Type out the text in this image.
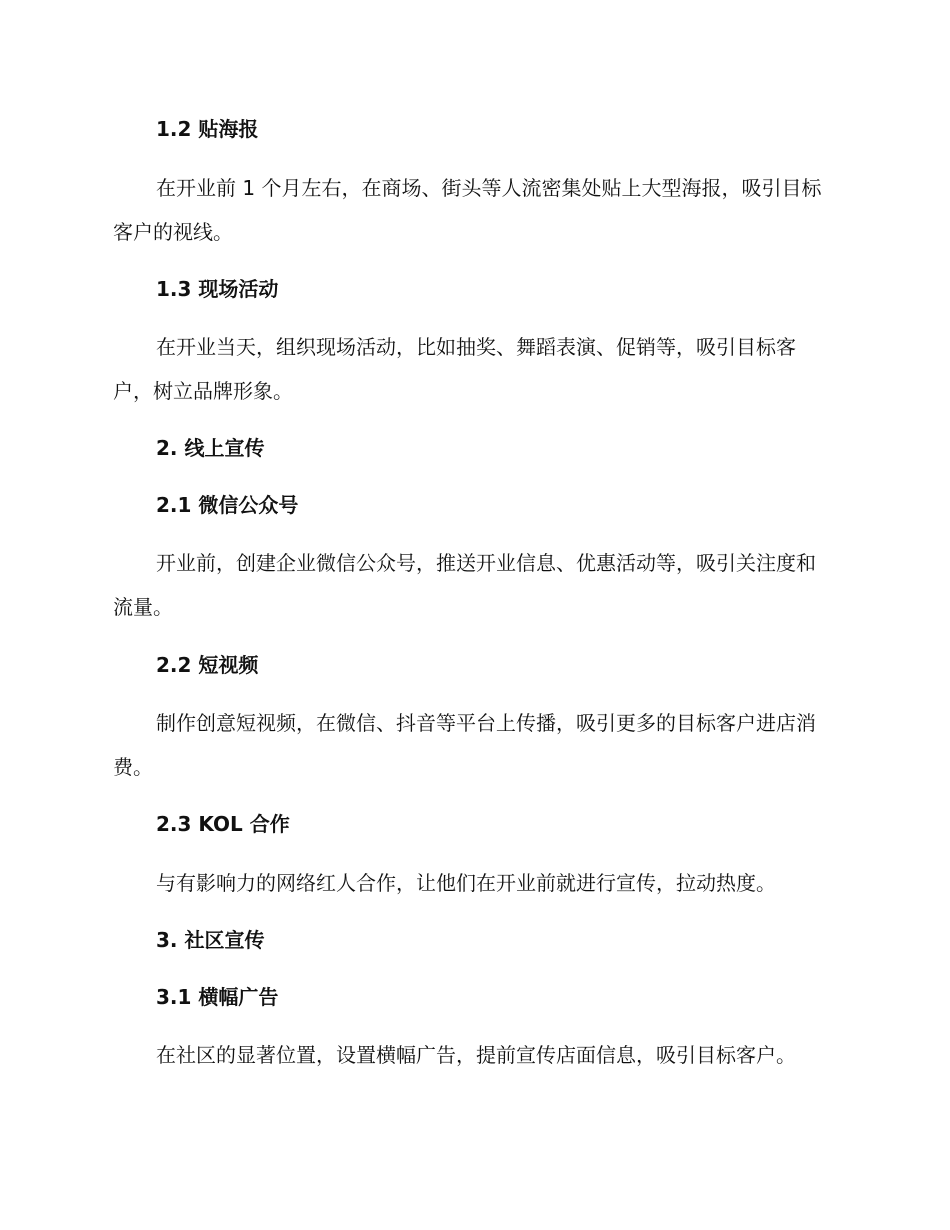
1.2 贴海报
在开业前 1 个月左右，在商场、街头等人流密集处贴上大型海报，吸引目标客户的视线。
1.3 现场活动
在开业当天，组织现场活动，比如抽奖、舞蹈表演、促销等，吸引目标客户，树立品牌形象。
2. 线上宣传
2.1 微信公众号
开业前，创建企业微信公众号，推送开业信息、优惠活动等，吸引关注度和流量。
2.2 短视频
制作创意短视频，在微信、抖音等平台上传播，吸引更多的目标客户进店消费。
2.3 KOL 合作
与有影响力的网络红人合作，让他们在开业前就进行宣传，拉动热度。
3. 社区宣传
3.1 横幅广告
在社区的显著位置，设置横幅广告，提前宣传店面信息，吸引目标客户。
